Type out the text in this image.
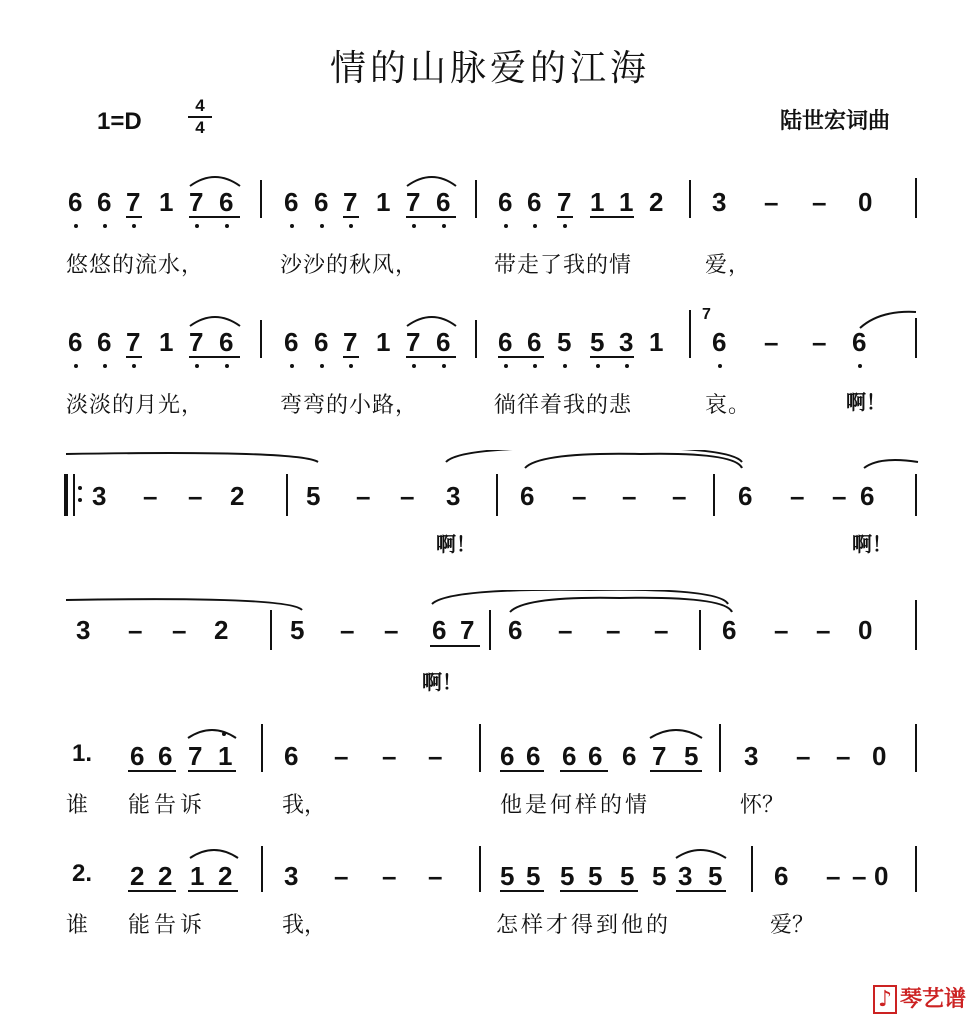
情的山脉爱的江海
1=D
4
4	陆世宏词曲
6 6 7 1 7 6 6 6 7 1 7 6 6 6 7 1 1 2 3 – – 0
悠悠的流水，	沙沙的秋风，	带走了我的情	爱，
6 6 7 1 7 6 6 6 7 1 7 6 6 6 5 5 3 1 6 – – 6
7
淡淡的月光，	弯弯的小路，	徜徉着我的悲	哀。	啊！
3 – – 2 5 – – 3 6 – – – 6 – – 6
啊！	啊！
3 – – 2 5 – – 6 7 6 – – – 6 – – 0
啊！
6 6 7 1 6 – – – 6 6 6 6 6 7 5 3 – – 0
1.
谁 能告诉	我，	他是何样的情	怀？
2 2 1 2 3 – – – 5 5 5 5 5 5 3 5 6 – – 0
2.
谁 能告诉	我，	怎样才得到他的	爱？
♪ 琴艺谱
